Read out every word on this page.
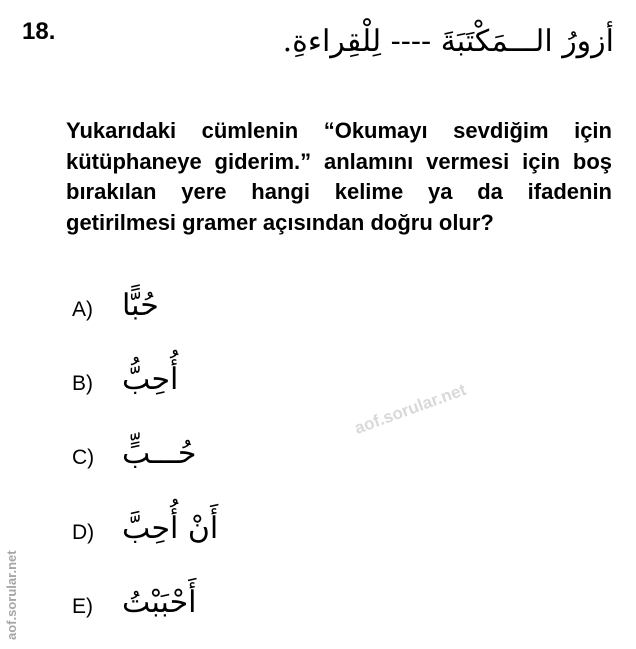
18.	أزورُ الـــمَكْتَبَةَ ---- لِلْقِراءةِ.
Yukarıdaki cümlenin “Okumayı sevdiğim için kütüphaneye giderim.” anlamını vermesi için boş bırakılan yere hangi kelime ya da ifadenin getirilmesi gramer açısından doğru olur?
A) حُبًّا
B) أُحِبُّ
C) حُـــبٍّ
D) أَنْ أُحِبَّ
E) أَحْبَبْتُ
aof.sorular.net
aof.sorular.net
